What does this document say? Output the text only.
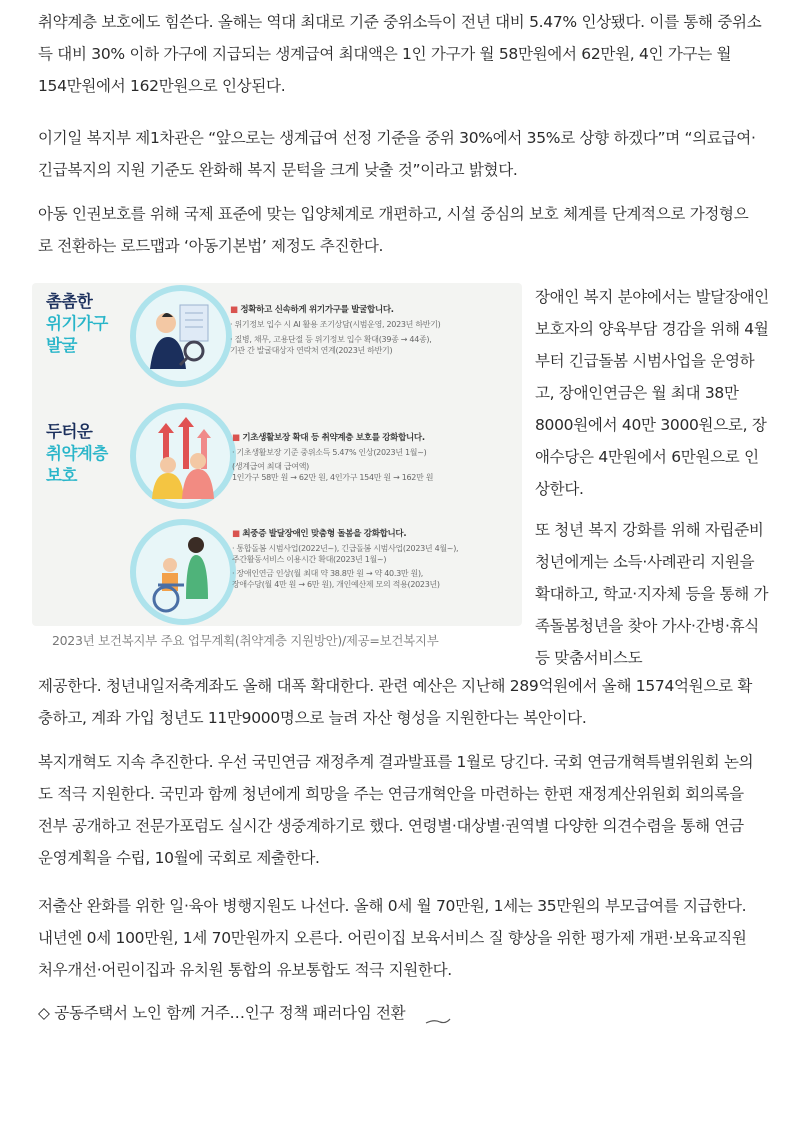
취약계층 보호에도 힘쓴다. 올해는 역대 최대로 기준 중위소득이 전년 대비 5.47% 인상됐다. 이를 통해 중위소득 대비 30% 이하 가구에 지급되는 생계급여 최대액은 1인 가구가 월 58만원에서 62만원, 4인 가구는 월 154만원에서 162만원으로 인상된다.

이기일 복지부 제1차관은 “앞으로는 생계급여 선정 기준을 중위 30%에서 35%로 상향 하겠다”며 “의료급여·긴급복지의 지원 기준도 완화해 복지 문턱을 크게 낮출 것”이라고 밝혔다.

아동 인권보호를 위해 국제 표준에 맞는 입양체계로 개편하고, 시설 중심의 보호 체계를 단계적으로 가정형으로 전환하는 로드맵과 ‘아동기본법’ 제정도 추진한다.

촘촘한
위기가구
발굴
■ 정확하고 신속하게 위기가구를 발굴합니다.
· 위기정보 입수 시 AI 활용 조기상담(시범운영, 2023년 하반기)
· 질병, 채무, 고용단절 등 위기정보 입수 확대(39종 → 44종),
기관 간 발굴대상자 연락처 연계(2023년 하반기)
두터운
취약계층
보호
■ 기초생활보장 확대 등 취약계층 보호를 강화합니다.
· 기초생활보장 기준 중위소득 5.47% 인상(2023년 1월~)
(생계급여 최대 급여액)
1인가구 58만 원 → 62만 원, 4인가구 154만 원 → 162만 원
■ 최중증 발달장애인 맞춤형 돌봄을 강화합니다.
· 통합돌봄 시범사업(2022년~), 긴급돌봄 시범사업(2023년 4월~),
주간활동서비스 이용시간 확대(2023년 1월~)
· 장애인연금 인상(월 최대 약 38.8만 원 → 약 40.3만 원),
장애수당(월 4만 원 → 6만 원), 개인예산제 모의 적용(2023년)
2023년 보건복지부 주요 업무계획(취약계층 지원방안)/제공=보건복지부

장애인 복지 분야에서는 발달장애인 보호자의 양육부담 경감을 위해 4월부터 긴급돌봄 시범사업을 운영하고, 장애인연금은 월 최대 38만8000원에서 40만 3000원으로, 장애수당은 4만원에서 6만원으로 인상한다.

또 청년 복지 강화를 위해 자립준비청년에게는 소득·사례관리 지원을 확대하고, 학교·지자체 등을 통해 가족돌봄청년을 찾아 가사·간병·휴식 등 맞춤서비스도

제공한다. 청년내일저축계좌도 올해 대폭 확대한다. 관련 예산은 지난해 289억원에서 올해 1574억원으로 확충하고, 계좌 가입 청년도 11만9000명으로 늘려 자산 형성을 지원한다는 복안이다.

복지개혁도 지속 추진한다. 우선 국민연금 재정추계 결과발표를 1월로 당긴다. 국회 연금개혁특별위원회 논의도 적극 지원한다. 국민과 함께 청년에게 희망을 주는 연금개혁안을 마련하는 한편 재정계산위원회 회의록을 전부 공개하고 전문가포럼도 실시간 생중계하기로 했다. 연령별·대상별·권역별 다양한 의견수렴을 통해 연금 운영계획을 수립, 10월에 국회로 제출한다.

저출산 완화를 위한 일·육아 병행지원도 나선다. 올해 0세 월 70만원, 1세는 35만원의 부모급여를 지급한다. 내년엔 0세 100만원, 1세 70만원까지 오른다. 어린이집 보육서비스 질 향상을 위한 평가제 개편·보육교직원 처우개선·어린이집과 유치원 통합의 유보통합도 적극 지원한다.

◇ 공동주택서 노인 함께 거주…인구 정책 패러다임 전환
